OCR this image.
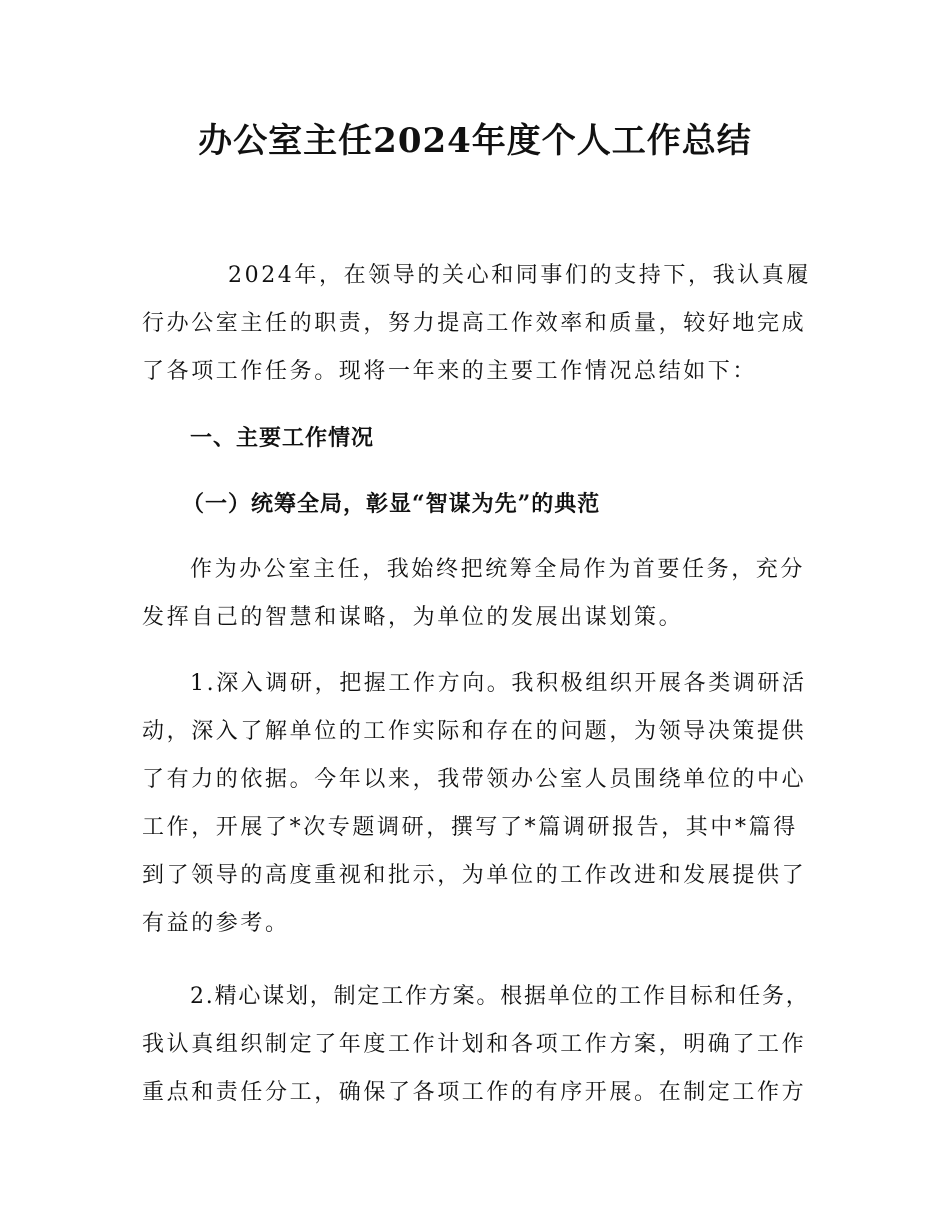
办公室主任2024年度个人工作总结

2024年，在领导的关心和同事们的支持下，我认真履

行办公室主任的职责，努力提高工作效率和质量，较好地完成

了各项工作任务。现将一年来的主要工作情况总结如下：

一、主要工作情况
（一）统筹全局，彰显“智谋为先”的典范

作为办公室主任，我始终把统筹全局作为首要任务，充分

发挥自己的智慧和谋略，为单位的发展出谋划策。

1.深入调研，把握工作方向。我积极组织开展各类调研活

动，深入了解单位的工作实际和存在的问题，为领导决策提供

了有力的依据。今年以来，我带领办公室人员围绕单位的中心

工作，开展了*次专题调研，撰写了*篇调研报告，其中*篇得

到了领导的高度重视和批示，为单位的工作改进和发展提供了

有益的参考。

2.精心谋划，制定工作方案。根据单位的工作目标和任务，

我认真组织制定了年度工作计划和各项工作方案，明确了工作

重点和责任分工，确保了各项工作的有序开展。在制定工作方
